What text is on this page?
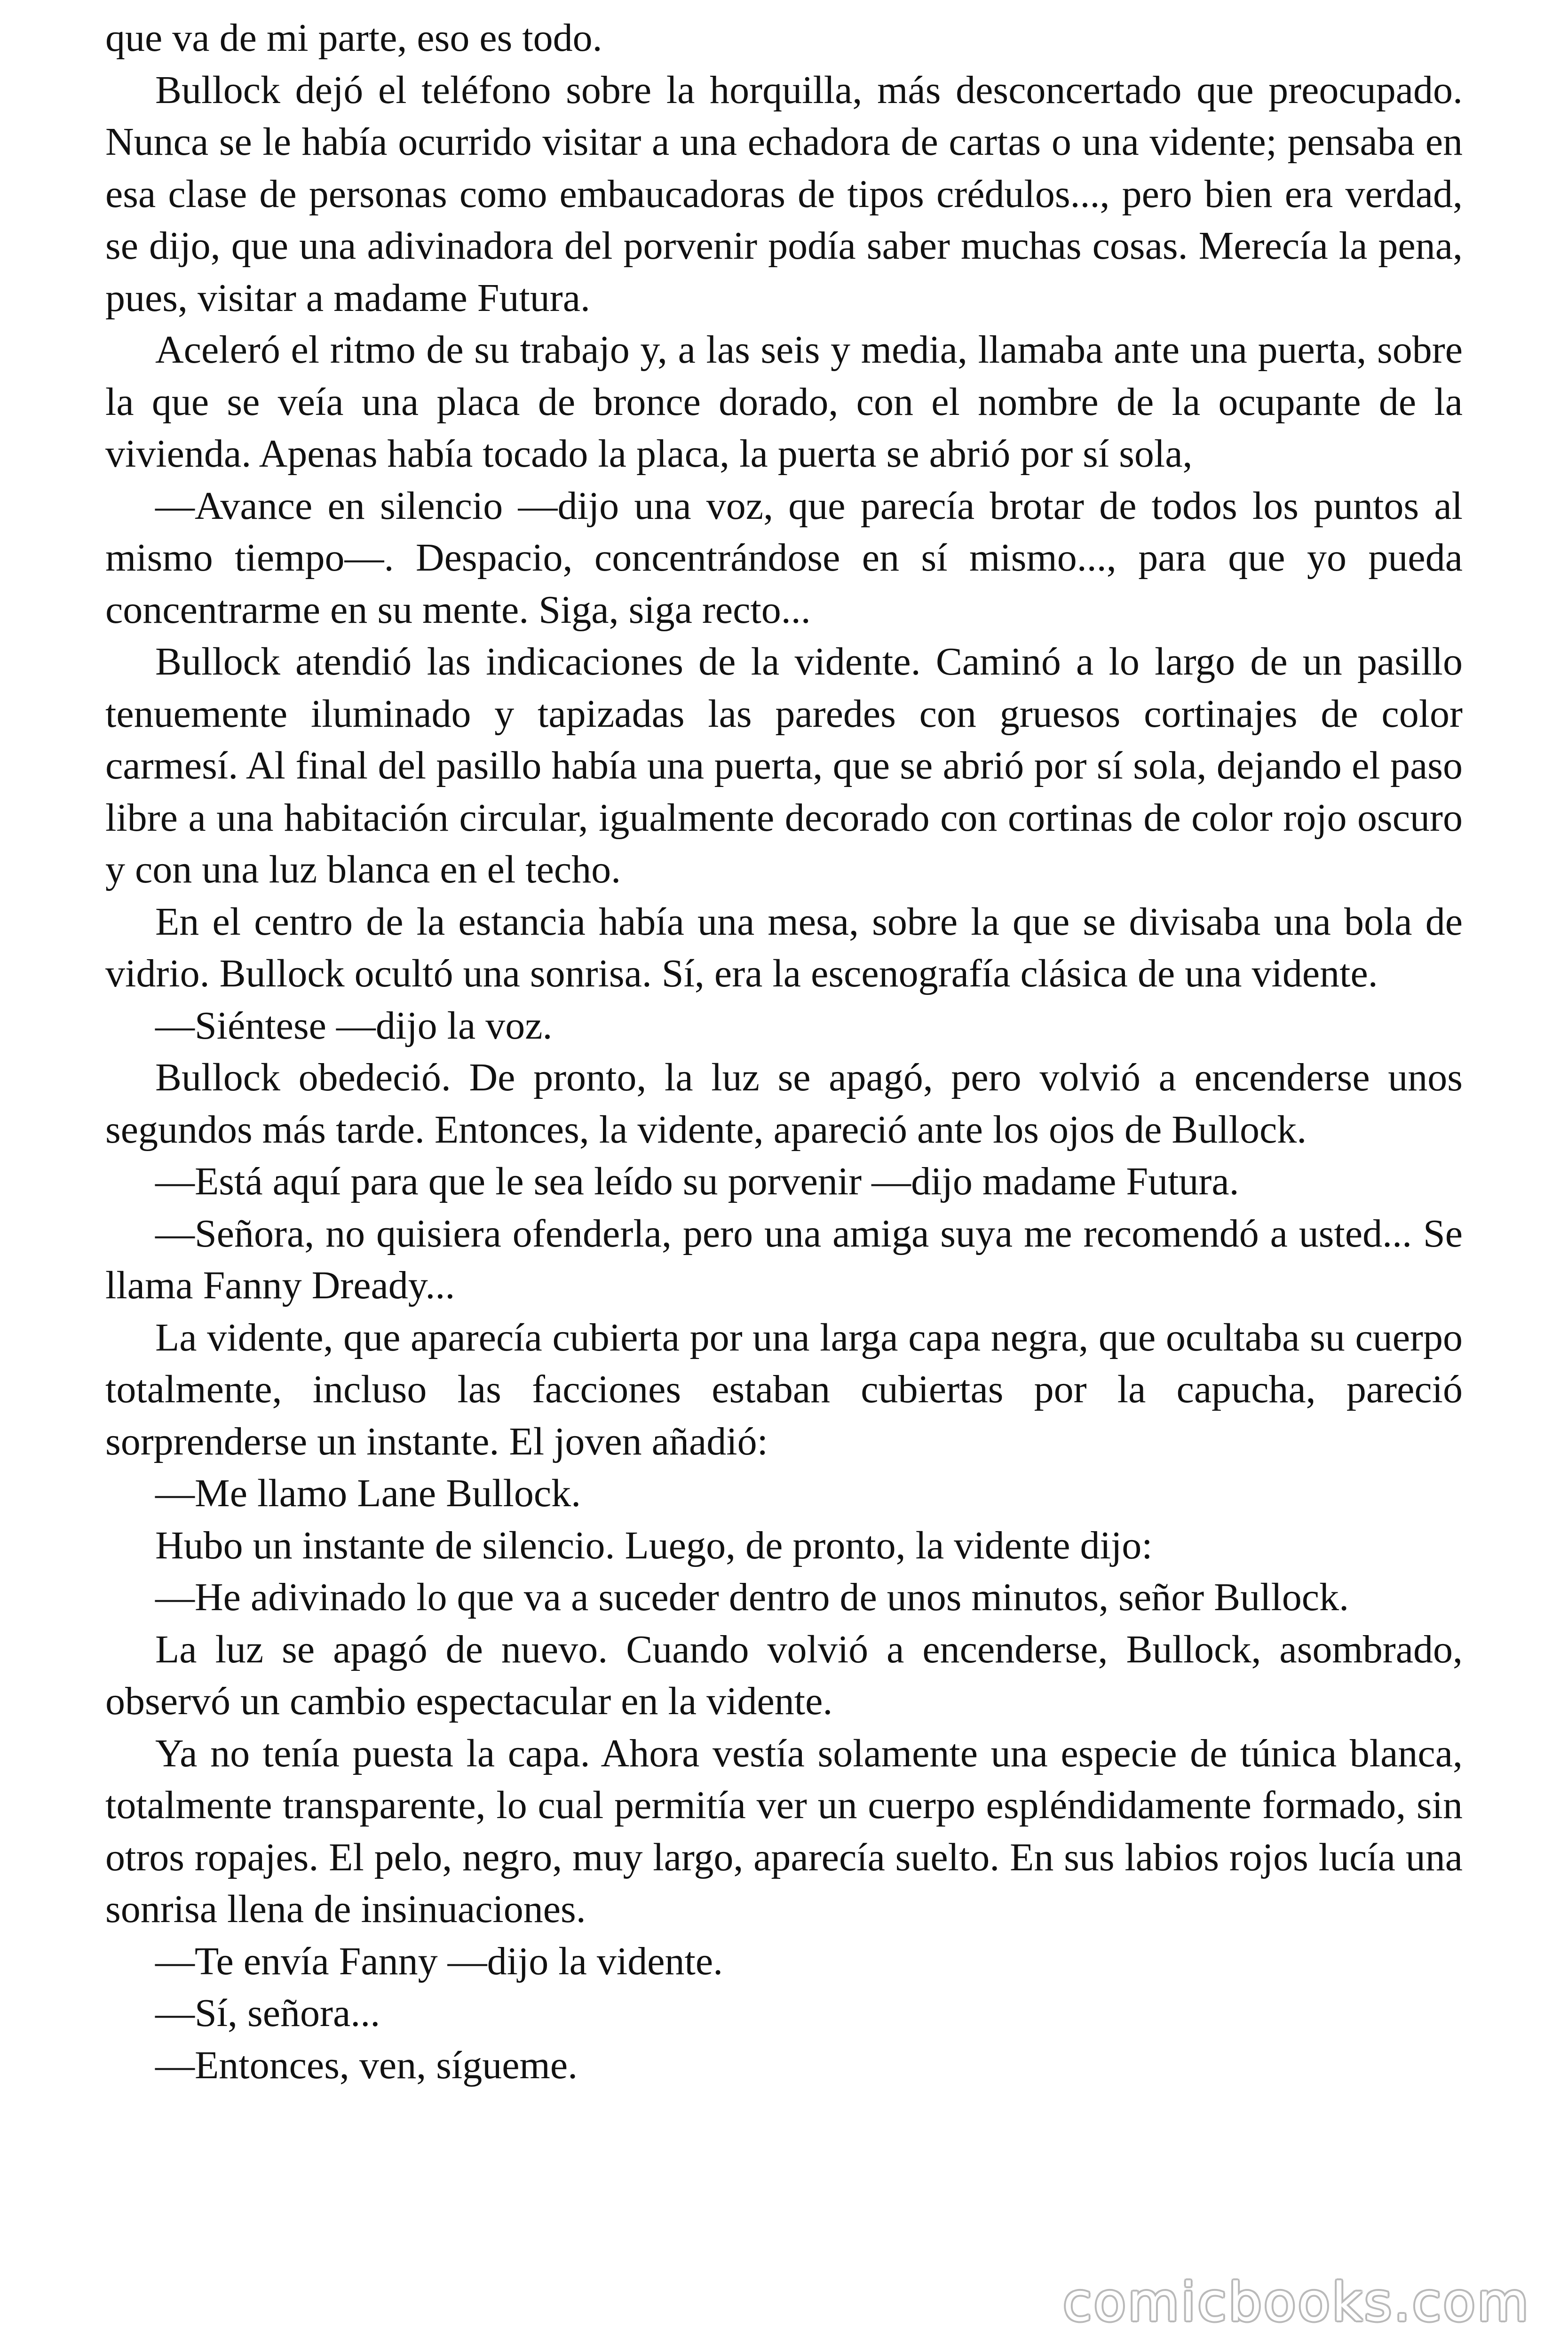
que va de mi parte, eso es todo.

Bullock dejó el teléfono sobre la horquilla, más desconcertado que preocupado. Nunca se le había ocurrido visitar a una echadora de cartas o una vidente; pensaba en esa clase de personas como embaucadoras de tipos crédulos..., pero bien era verdad, se dijo, que una adivinadora del porvenir podía saber muchas cosas. Merecía la pena, pues, visitar a madame Futura.

Aceleró el ritmo de su trabajo y, a las seis y media, llamaba ante una puerta, sobre la que se veía una placa de bronce dorado, con el nombre de la ocupante de la vivienda. Apenas había tocado la placa, la puerta se abrió por sí sola,

—Avance en silencio —dijo una voz, que parecía brotar de todos los puntos al mismo tiempo—. Despacio, concentrándose en sí mismo..., para que yo pueda concentrarme en su mente. Siga, siga recto...

Bullock atendió las indicaciones de la vidente. Caminó a lo largo de un pasillo tenuemente iluminado y tapizadas las paredes con gruesos cortinajes de color carmesí. Al final del pasillo había una puerta, que se abrió por sí sola, dejando el paso libre a una habitación circular, igualmente decorado con cortinas de color rojo oscuro y con una luz blanca en el techo.

En el centro de la estancia había una mesa, sobre la que se divisaba una bola de vidrio. Bullock ocultó una sonrisa. Sí, era la escenografía clásica de una vidente.

—Siéntese —dijo la voz.

Bullock obedeció. De pronto, la luz se apagó, pero volvió a encenderse unos segundos más tarde. Entonces, la vidente, apareció ante los ojos de Bullock.

—Está aquí para que le sea leído su porvenir —dijo madame Futura.

—Señora, no quisiera ofenderla, pero una amiga suya me recomendó a usted... Se llama Fanny Dready...

La vidente, que aparecía cubierta por una larga capa negra, que ocultaba su cuerpo totalmente, incluso las facciones estaban cubiertas por la capucha, pareció sorprenderse un instante. El joven añadió:

—Me llamo Lane Bullock.

Hubo un instante de silencio. Luego, de pronto, la vidente dijo:

—He adivinado lo que va a suceder dentro de unos minutos, señor Bullock.

La luz se apagó de nuevo. Cuando volvió a encenderse, Bullock, asombrado, observó un cambio espectacular en la vidente.

Ya no tenía puesta la capa. Ahora vestía solamente una especie de túnica blanca, totalmente transparente, lo cual permitía ver un cuerpo espléndidamente formado, sin otros ropajes. El pelo, negro, muy largo, aparecía suelto. En sus labios rojos lucía una sonrisa llena de insinuaciones.

—Te envía Fanny —dijo la vidente.

—Sí, señora...

—Entonces, ven, sígueme.

comicbooks.com
